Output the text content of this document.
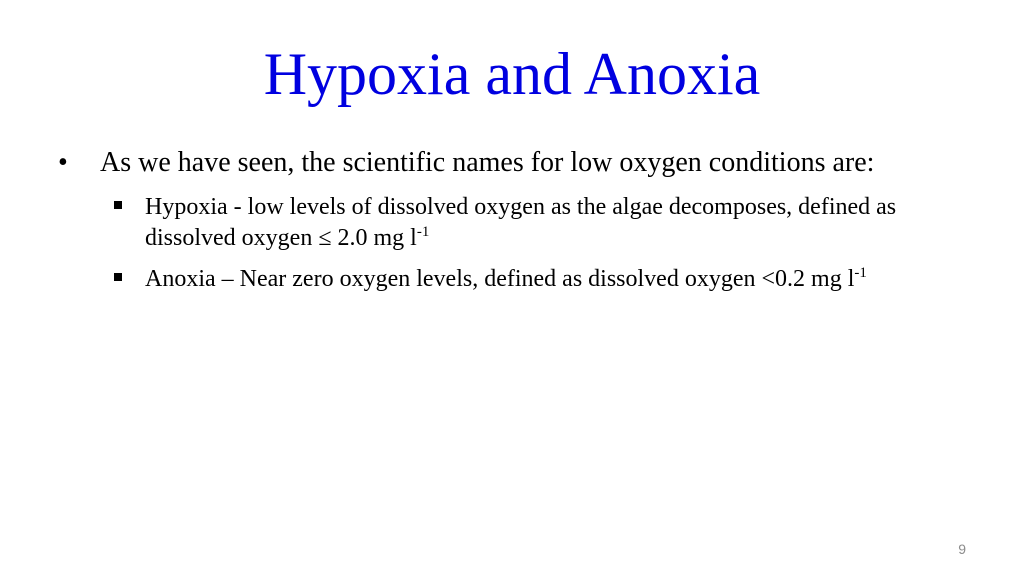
Hypoxia and Anoxia
• As we have seen, the scientific names for low oxygen conditions are:
Hypoxia - low levels of dissolved oxygen as the algae decomposes, defined as dissolved oxygen ≤ 2.0 mg $l^{-1}$
Anoxia – Near zero oxygen levels, defined as dissolved oxygen <0.2 mg $l^{-1}$
9
